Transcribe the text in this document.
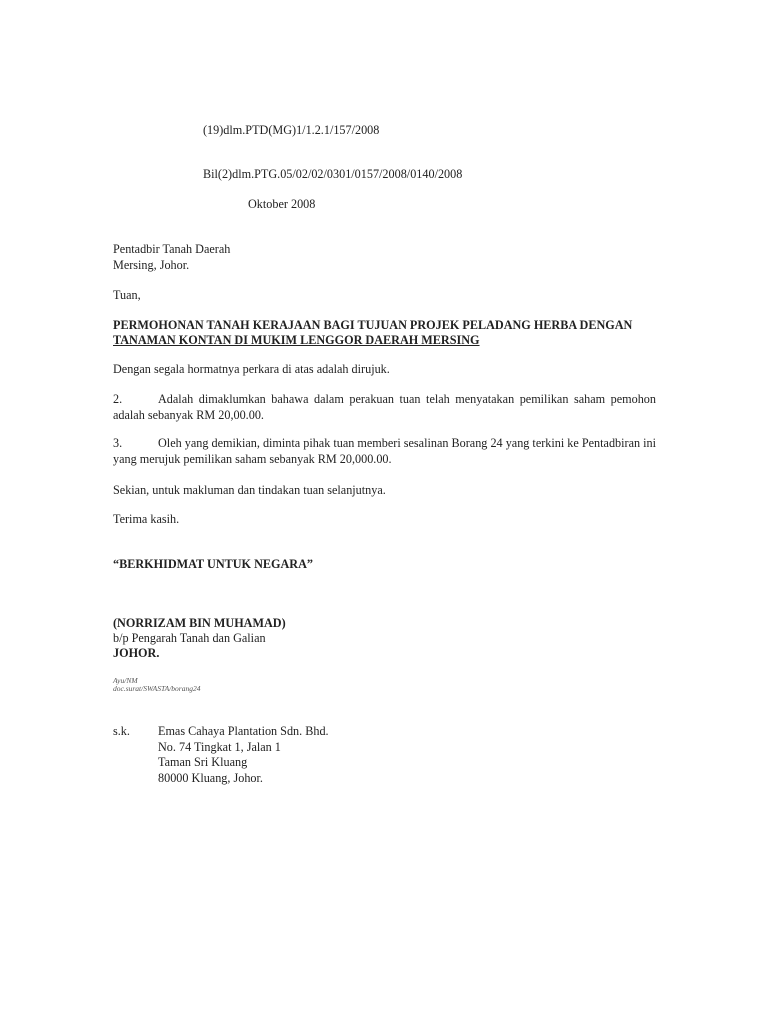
(19)dlm.PTD(MG)1/1.2.1/157/2008
Bil(2)dlm.PTG.05/02/02/0301/0157/2008/0140/2008
Oktober 2008
Pentadbir Tanah Daerah
Mersing, Johor.
Tuan,
PERMOHONAN TANAH KERAJAAN BAGI TUJUAN PROJEK PELADANG HERBA DENGAN
TANAMAN KONTAN DI MUKIM LENGGOR DAERAH MERSING
Dengan segala hormatnya perkara di atas adalah dirujuk.
2.	Adalah dimaklumkan bahawa dalam perakuan tuan telah menyatakan pemilikan saham pemohon adalah sebanyak RM 20,00.00.
3.	Oleh yang demikian, diminta pihak tuan memberi sesalinan Borang 24 yang terkini ke Pentadbiran ini yang merujuk pemilikan saham sebanyak RM 20,000.00.
Sekian, untuk makluman dan tindakan tuan selanjutnya.
Terima kasih.
“BERKHIDMAT UNTUK NEGARA”
(NORRIZAM BIN MUHAMAD)
b/p Pengarah Tanah dan Galian
JOHOR.
Ayu/NM
doc.surat/SWASTA/borang24
s.k. Emas Cahaya Plantation Sdn. Bhd.
No. 74 Tingkat 1, Jalan 1
Taman Sri Kluang
80000 Kluang, Johor.
